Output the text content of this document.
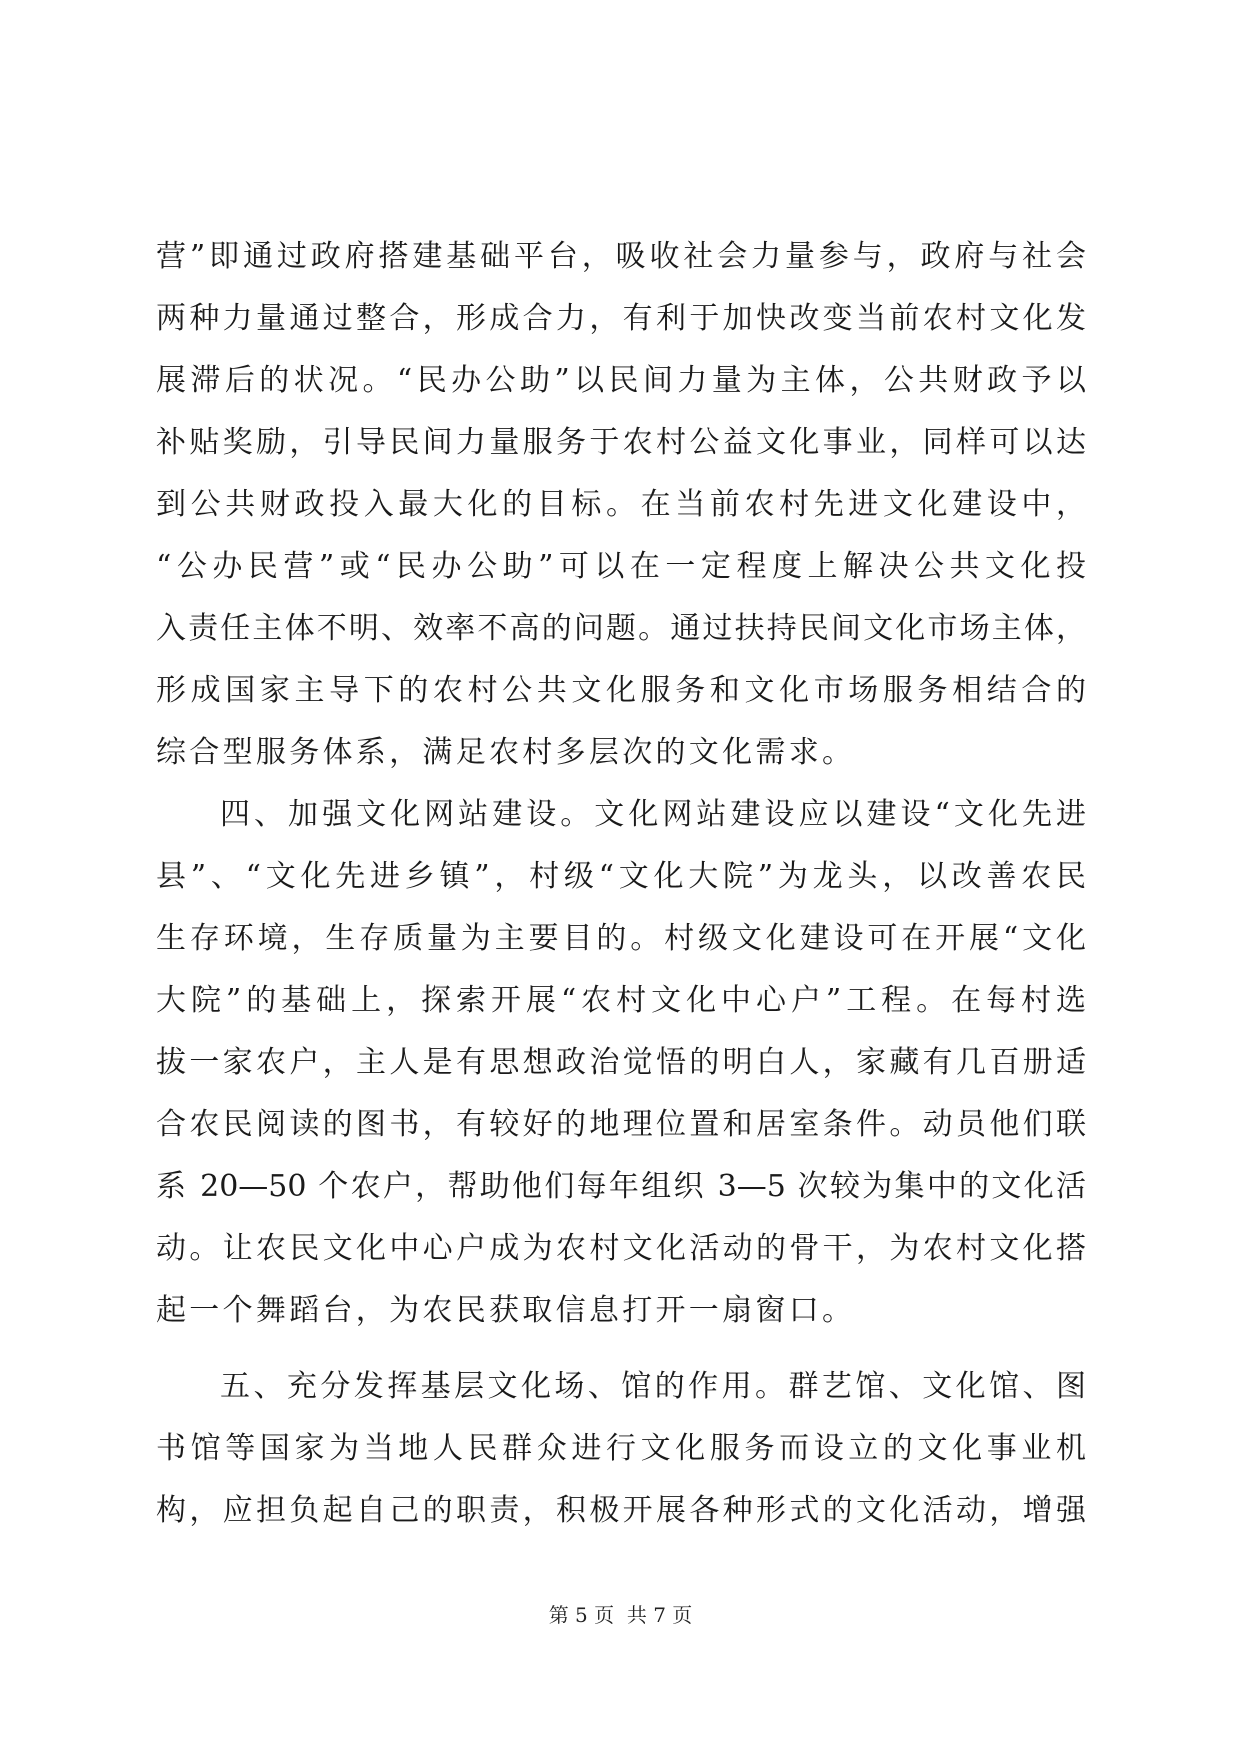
营”即通过政府搭建基础平台，吸收社会力量参与，政府与社会
两种力量通过整合，形成合力，有利于加快改变当前农村文化发
展滞后的状况。“民办公助”以民间力量为主体，公共财政予以
补贴奖励，引导民间力量服务于农村公益文化事业，同样可以达
到公共财政投入最大化的目标。在当前农村先进文化建设中，
“公办民营”或“民办公助”可以在一定程度上解决公共文化投
入责任主体不明、效率不高的问题。通过扶持民间文化市场主体，
形成国家主导下的农村公共文化服务和文化市场服务相结合的
综合型服务体系，满足农村多层次的文化需求。
四、加强文化网站建设。文化网站建设应以建设“文化先进
县”、“文化先进乡镇”，村级“文化大院”为龙头，以改善农民
生存环境，生存质量为主要目的。村级文化建设可在开展“文化
大院”的基础上，探索开展“农村文化中心户”工程。在每村选
拔一家农户，主人是有思想政治觉悟的明白人，家藏有几百册适
合农民阅读的图书，有较好的地理位置和居室条件。动员他们联
系 20—50 个农户，帮助他们每年组织 3—5 次较为集中的文化活
动。让农民文化中心户成为农村文化活动的骨干，为农村文化搭
起一个舞蹈台，为农民获取信息打开一扇窗口。
五、充分发挥基层文化场、馆的作用。群艺馆、文化馆、图
书馆等国家为当地人民群众进行文化服务而设立的文化事业机
构，应担负起自己的职责，积极开展各种形式的文化活动，增强
第 5 页  共 7 页
